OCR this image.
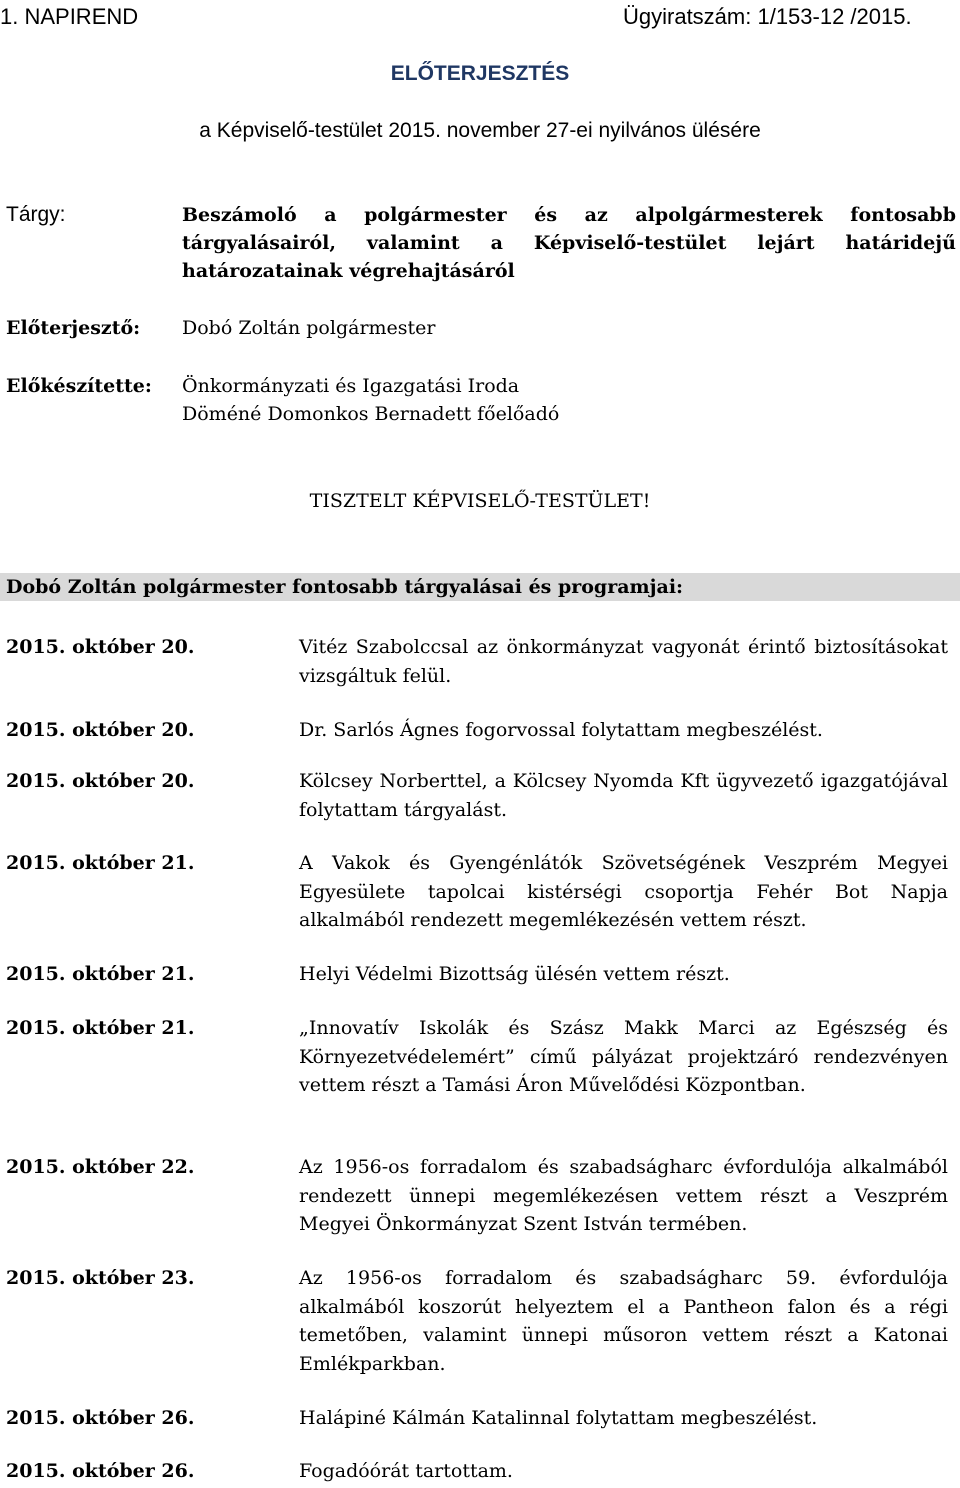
1. NAPIREND	Ügyiratszám: 1/153-12 /2015.
ELŐTERJESZTÉS
a Képviselő-testület 2015. november 27-ei nyilvános ülésére
Tárgy:	Beszámoló a polgármester és az alpolgármesterek fontosabb tárgyalásairól, valamint a Képviselő-testület lejárt határidejű határozatainak végrehajtásáról
Előterjesztő: Dobó Zoltán polgármester
Előkészítette: Önkormányzati és Igazgatási Iroda
Döméné Domonkos Bernadett főelőadó
TISZTELT KÉPVISELŐ-TESTÜLET!
Dobó Zoltán polgármester fontosabb tárgyalásai és programjai:
2015. október 20.	Vitéz Szabolccsal az önkormányzat vagyonát érintő biztosításokat vizsgáltuk felül.
2015. október 20.	Dr. Sarlós Ágnes fogorvossal folytattam megbeszélést.
2015. október 20.	Kölcsey Norberttel, a Kölcsey Nyomda Kft ügyvezető igazgatójával folytattam tárgyalást.
2015. október 21.	A Vakok és Gyengénlátók Szövetségének Veszprém Megyei Egyesülete tapolcai kistérségi csoportja Fehér Bot Napja alkalmából rendezett megemlékezésén vettem részt.
2015. október 21.	Helyi Védelmi Bizottság ülésén vettem részt.
2015. október 21.	„Innovatív Iskolák és Szász Makk Marci az Egészség és Környezetvédelemért” című pályázat projektzáró rendezvényen vettem részt a Tamási Áron Művelődési Központban.
2015. október 22.	Az 1956-os forradalom és szabadságharc évfordulója alkalmából rendezett ünnepi megemlékezésen vettem részt a Veszprém Megyei Önkormányzat Szent István termében.
2015. október 23.	Az 1956-os forradalom és szabadságharc 59. évfordulója alkalmából koszorút helyeztem el a Pantheon falon és a régi temetőben, valamint ünnepi műsoron vettem részt a Katonai Emlékparkban.
2015. október 26.	Halápiné Kálmán Katalinnal folytattam megbeszélést.
2015. október 26.	Fogadóórát tartottam.
